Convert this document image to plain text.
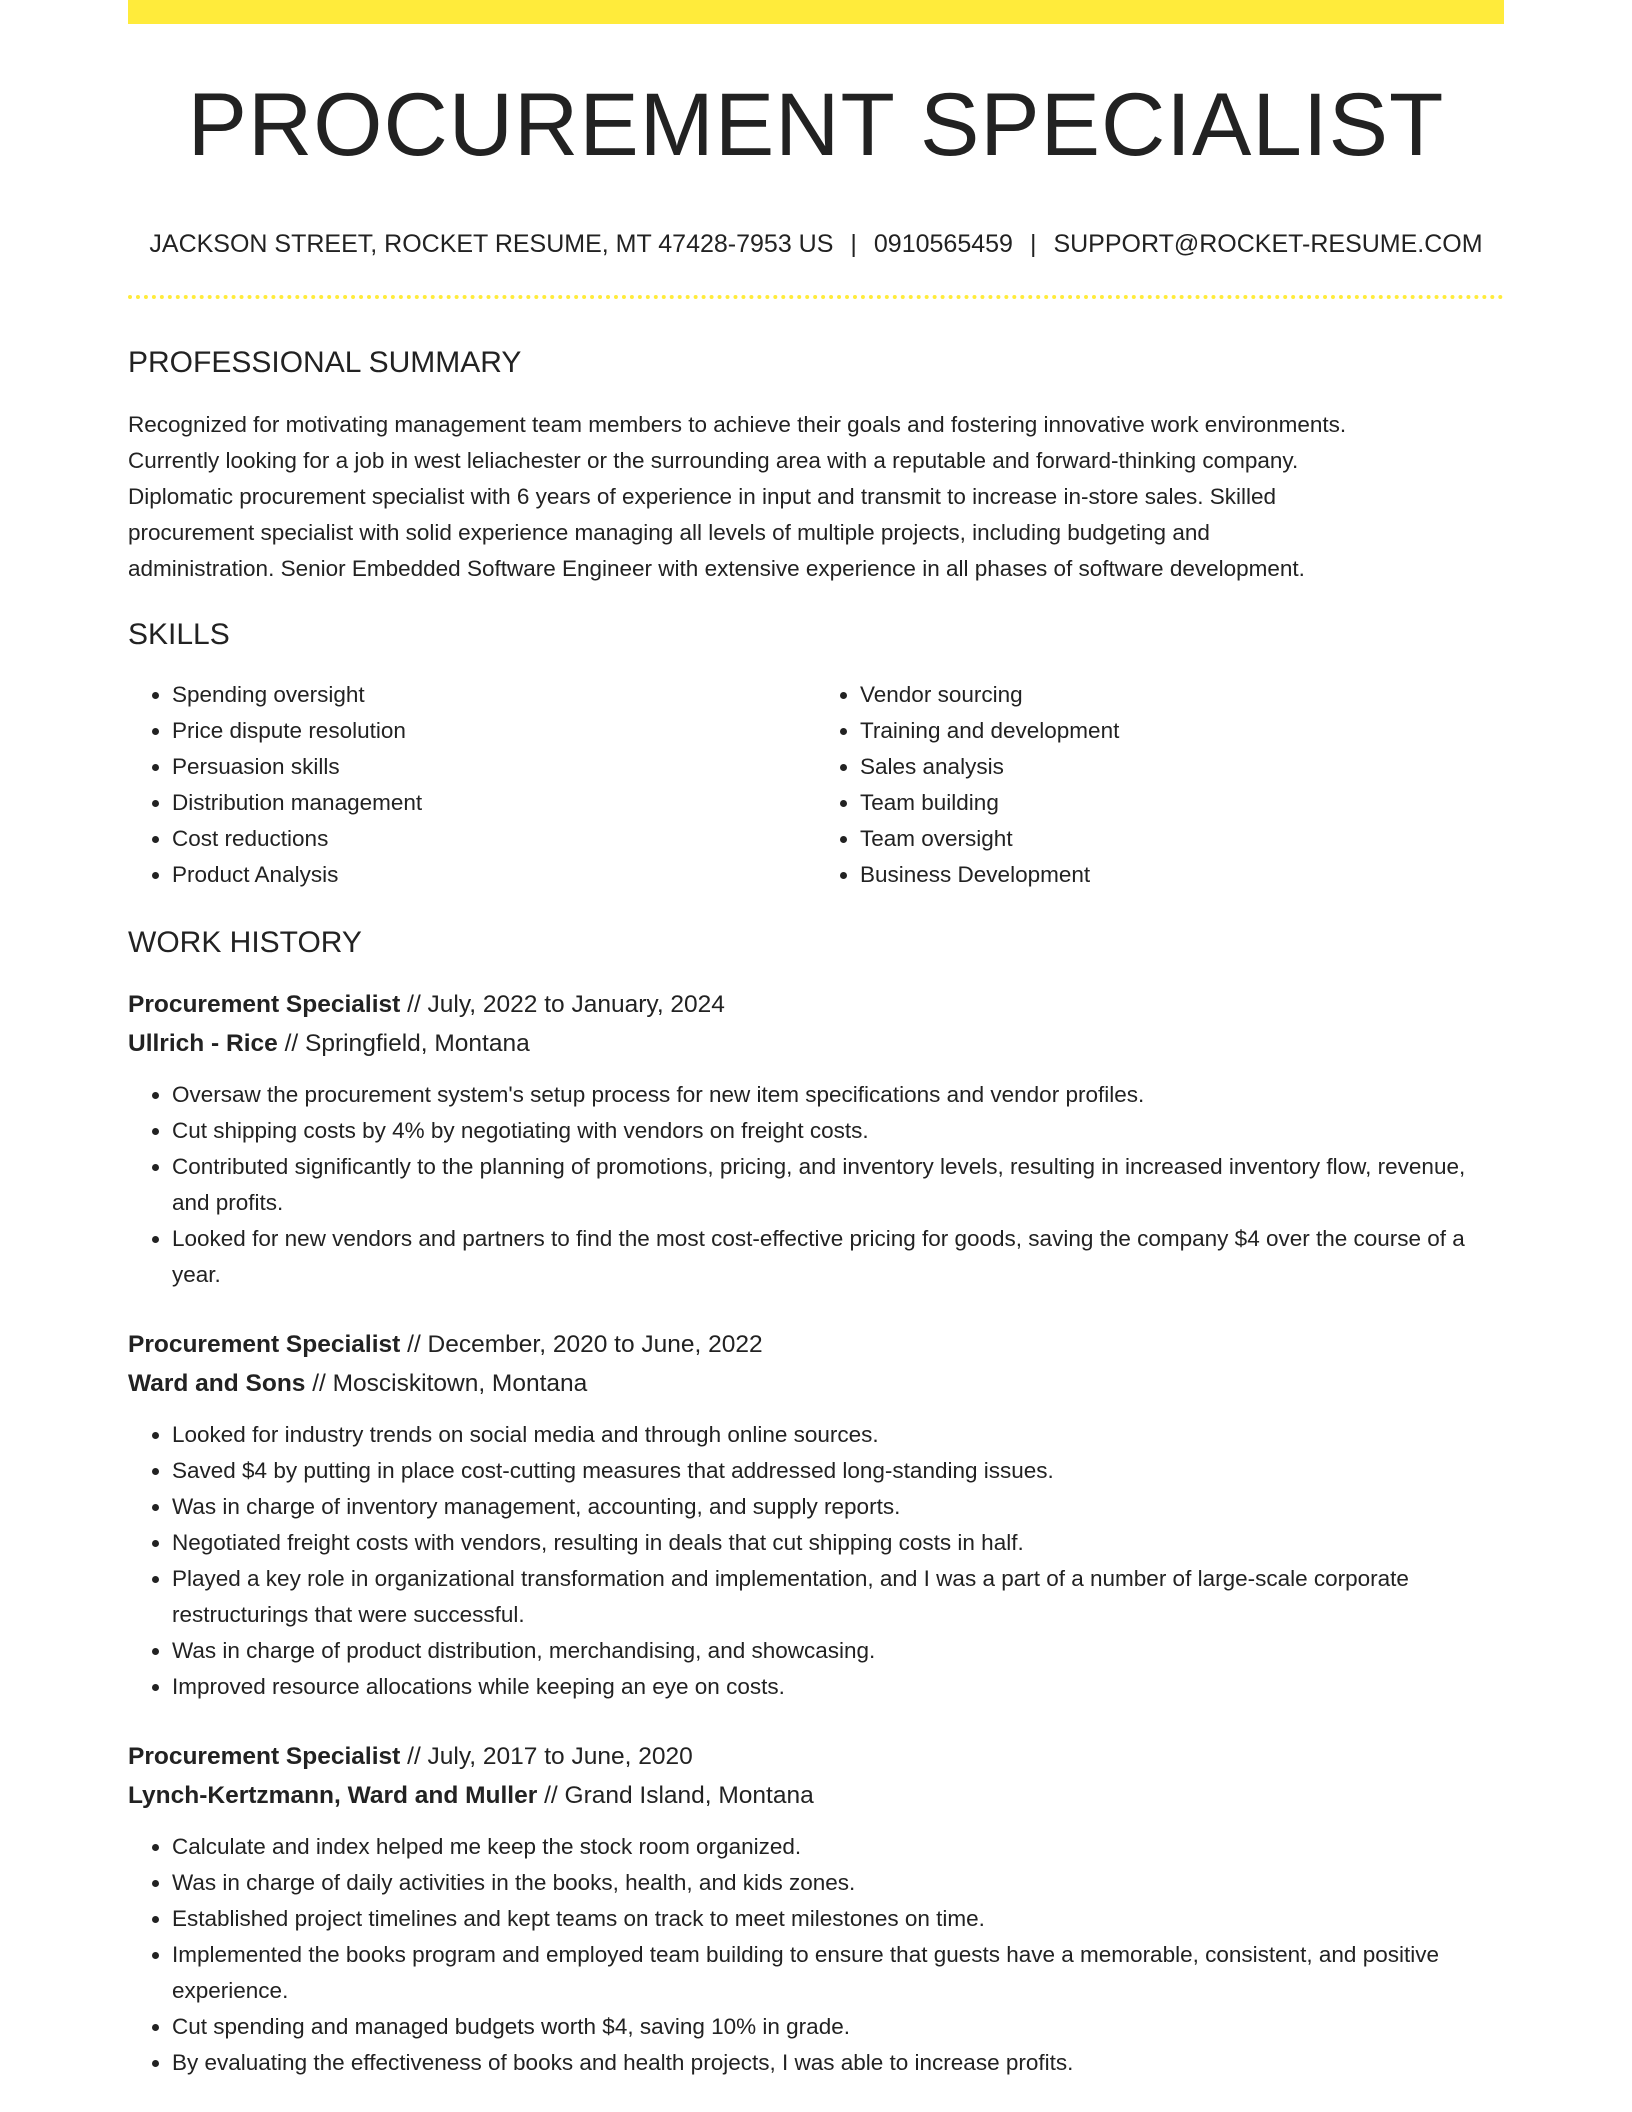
PROCUREMENT SPECIALIST
JACKSON STREET, ROCKET RESUME, MT 47428-7953 US | 0910565459 | SUPPORT@ROCKET-RESUME.COM
PROFESSIONAL SUMMARY
Recognized for motivating management team members to achieve their goals and fostering innovative work environments.
Currently looking for a job in west leliachester or the surrounding area with a reputable and forward-thinking company.
Diplomatic procurement specialist with 6 years of experience in input and transmit to increase in-store sales. Skilled
procurement specialist with solid experience managing all levels of multiple projects, including budgeting and
administration. Senior Embedded Software Engineer with extensive experience in all phases of software development.
SKILLS
• Spending oversight
• Price dispute resolution
• Persuasion skills
• Distribution management
• Cost reductions
• Product Analysis
• Vendor sourcing
• Training and development
• Sales analysis
• Team building
• Team oversight
• Business Development
WORK HISTORY
Procurement Specialist // July, 2022 to January, 2024
Ullrich - Rice // Springfield, Montana
• Oversaw the procurement system's setup process for new item specifications and vendor profiles.
• Cut shipping costs by 4% by negotiating with vendors on freight costs.
• Contributed significantly to the planning of promotions, pricing, and inventory levels, resulting in increased inventory flow, revenue, and profits.
• Looked for new vendors and partners to find the most cost-effective pricing for goods, saving the company $4 over the course of a year.
Procurement Specialist // December, 2020 to June, 2022
Ward and Sons // Mosciskitown, Montana
• Looked for industry trends on social media and through online sources.
• Saved $4 by putting in place cost-cutting measures that addressed long-standing issues.
• Was in charge of inventory management, accounting, and supply reports.
• Negotiated freight costs with vendors, resulting in deals that cut shipping costs in half.
• Played a key role in organizational transformation and implementation, and I was a part of a number of large-scale corporate restructurings that were successful.
• Was in charge of product distribution, merchandising, and showcasing.
• Improved resource allocations while keeping an eye on costs.
Procurement Specialist // July, 2017 to June, 2020
Lynch-Kertzmann, Ward and Muller // Grand Island, Montana
• Calculate and index helped me keep the stock room organized.
• Was in charge of daily activities in the books, health, and kids zones.
• Established project timelines and kept teams on track to meet milestones on time.
• Implemented the books program and employed team building to ensure that guests have a memorable, consistent, and positive experience.
• Cut spending and managed budgets worth $4, saving 10% in grade.
• By evaluating the effectiveness of books and health projects, I was able to increase profits.
